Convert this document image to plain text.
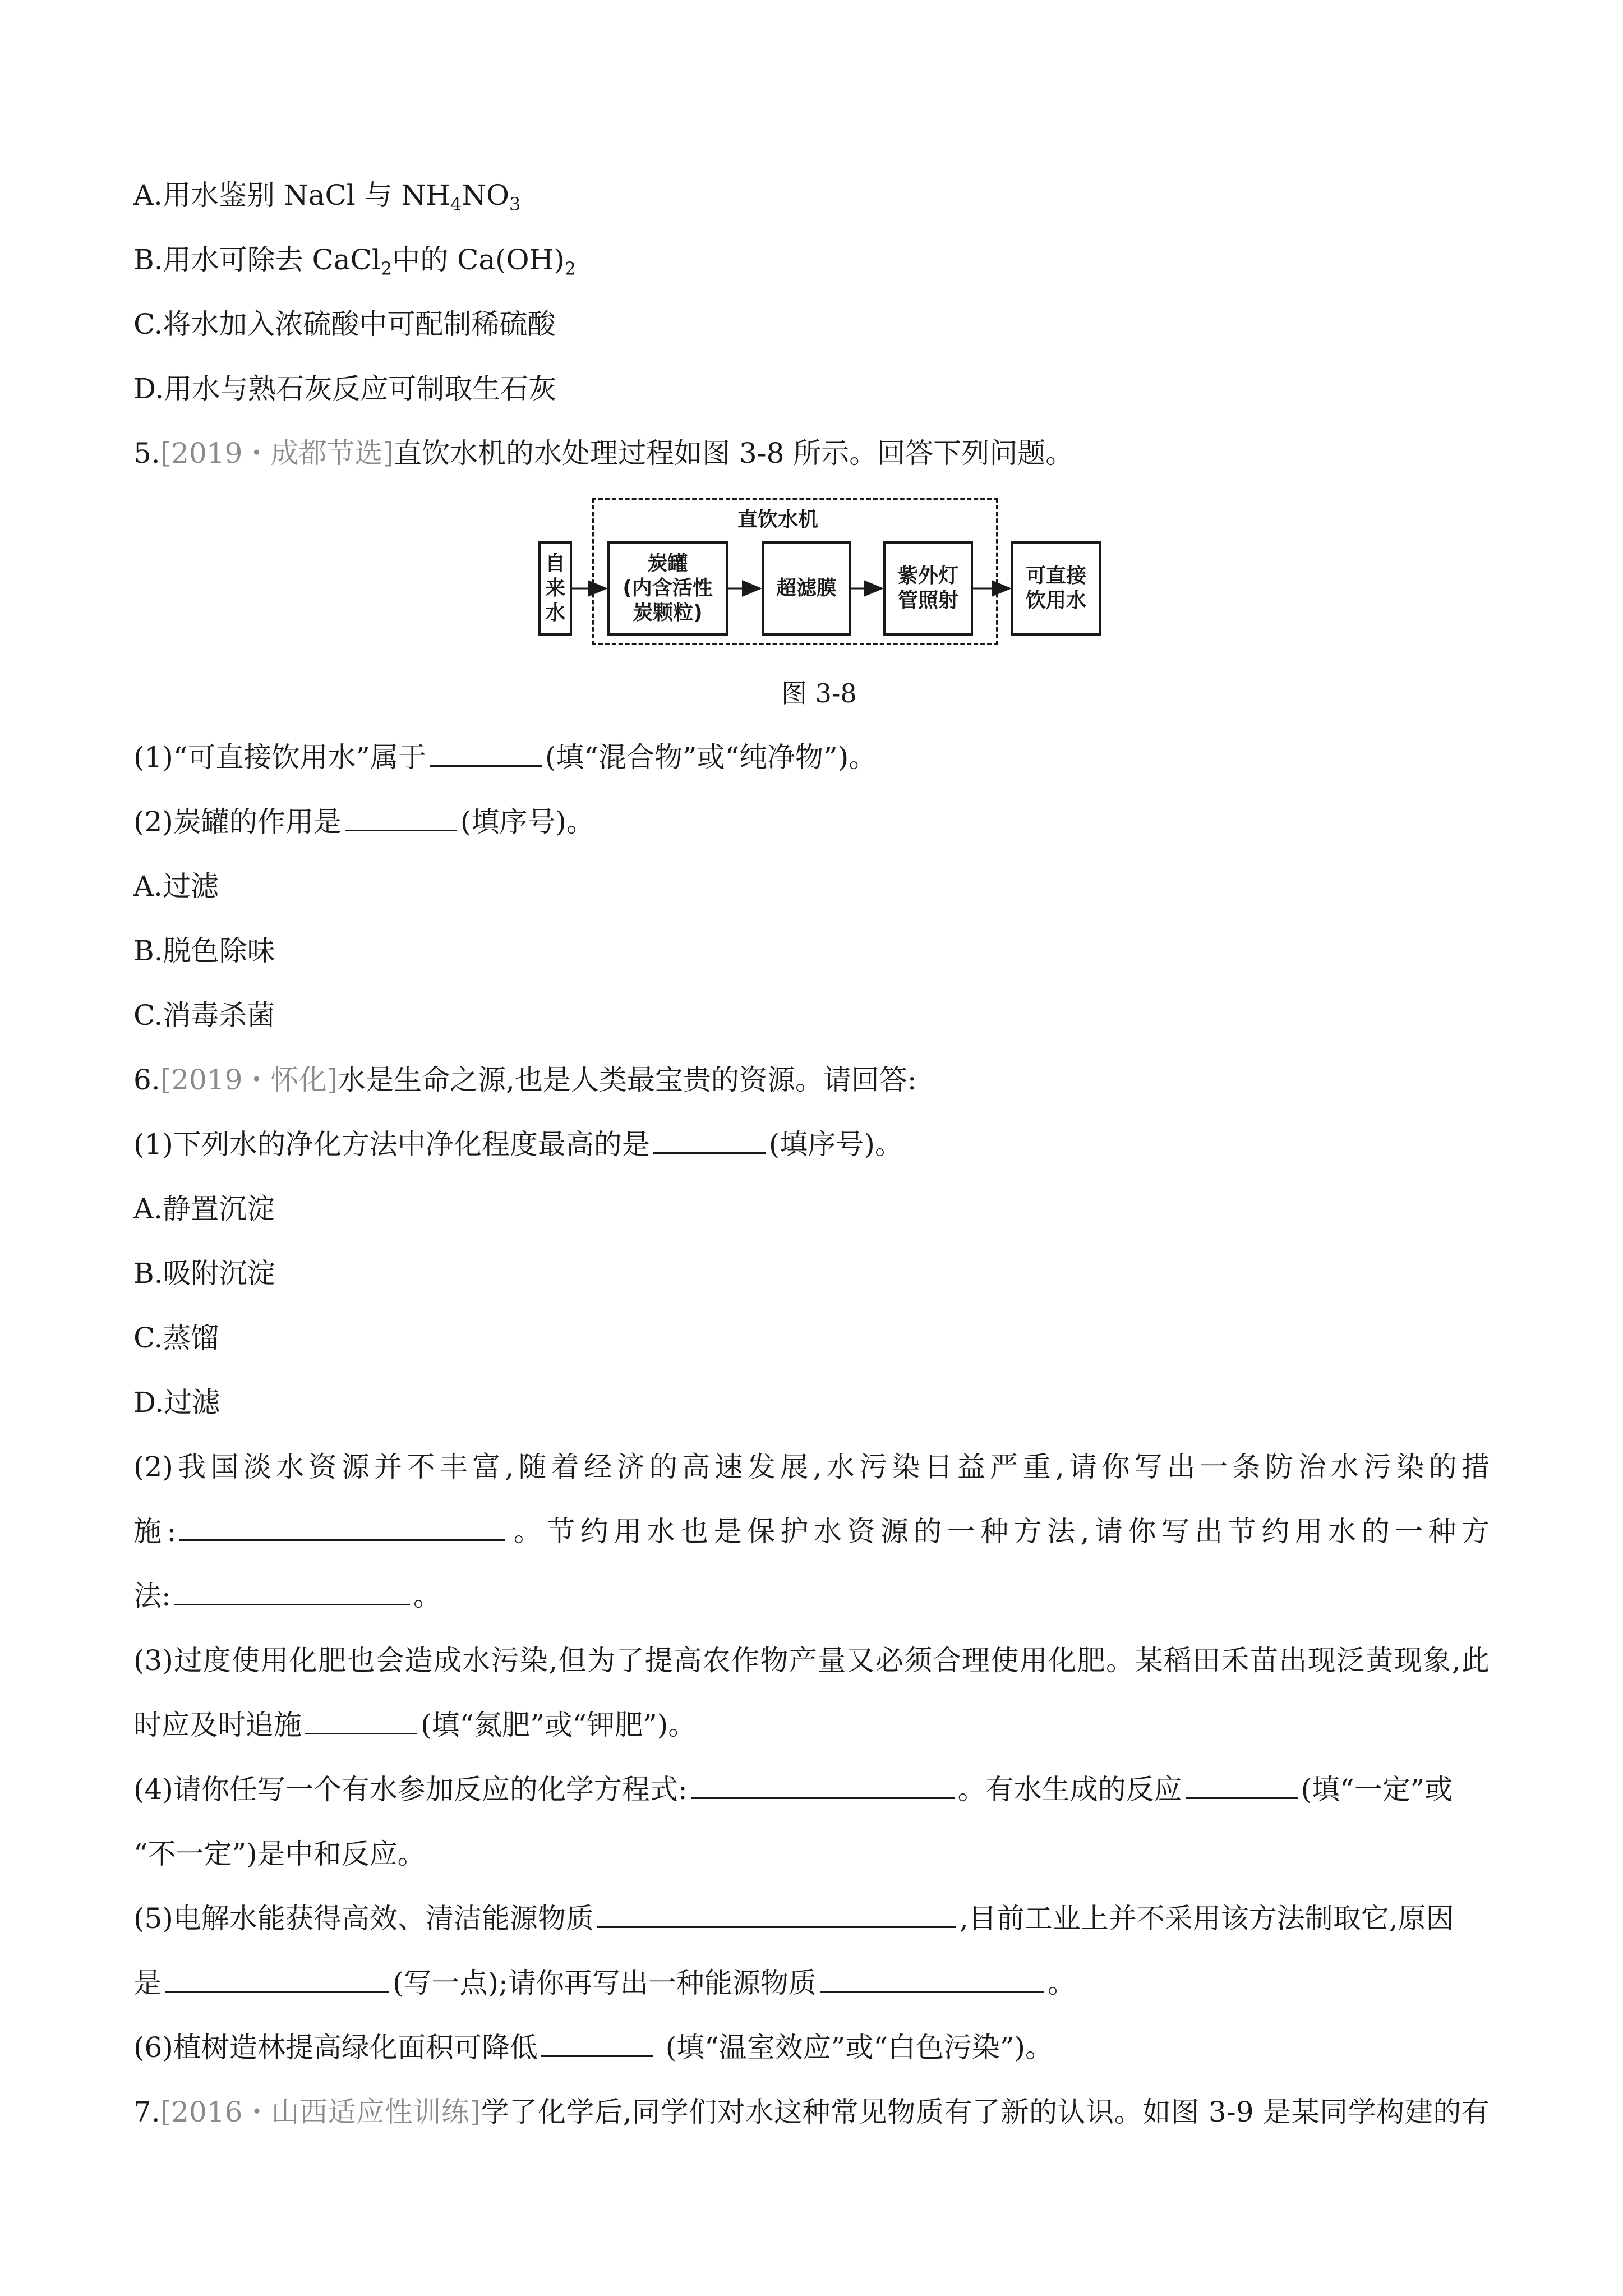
A.用水鉴别 NaCl 与 $NH_4NO_3$
B.用水可除去 CaCl$_2$中的 $Ca(OH)_2$
C.将水加入浓硫酸中可配制稀硫酸
D.用水与熟石灰反应可制取生石灰
5.[2019・成都节选]直饮水机的水处理过程如图 3-8 所示。回答下列问题。
直饮水机
自
来
水
炭罐
(内含活性
炭颗粒)
超滤膜
紫外灯
管照射
可直接
饮用水
图 3-8
(1)“可直接饮用水”属于	(填“混合物”或“纯净物”)。
(2)炭罐的作用是	(填序号)。
A.过滤
B.脱色除味
C.消毒杀菌
6.[2019・怀化]水是生命之源,也是人类最宝贵的资源。请回答:
(1)下列水的净化方法中净化程度最高的是	(填序号)。
A.静置沉淀
B.吸附沉淀
C.蒸馏
D.过滤
(2)我国淡水资源并不丰富,随着经济的高速发展,水污染日益严重,请你写出一条防治水污染的措
施:	。节约用水也是保护水资源的一种方法,请你写出节约用水的一种方
法:	。
(3)过度使用化肥也会造成水污染,但为了提高农作物产量又必须合理使用化肥。某稻田禾苗出现泛黄现象,此
时应及时追施	(填“氮肥”或“钾肥”)。
(4)请你任写一个有水参加反应的化学方程式:	。有水生成的反应	(填“一定”或
“不一定”)是中和反应。
(5)电解水能获得高效、清洁能源物质	,目前工业上并不采用该方法制取它,原因
是	(写一点);请你再写出一种能源物质	。
(6)植树造林提高绿化面积可降低	(填“温室效应”或“白色污染”)。
7.[2016・山西适应性训练]学了化学后,同学们对水这种常见物质有了新的认识。如图 3-9 是某同学构建的有
